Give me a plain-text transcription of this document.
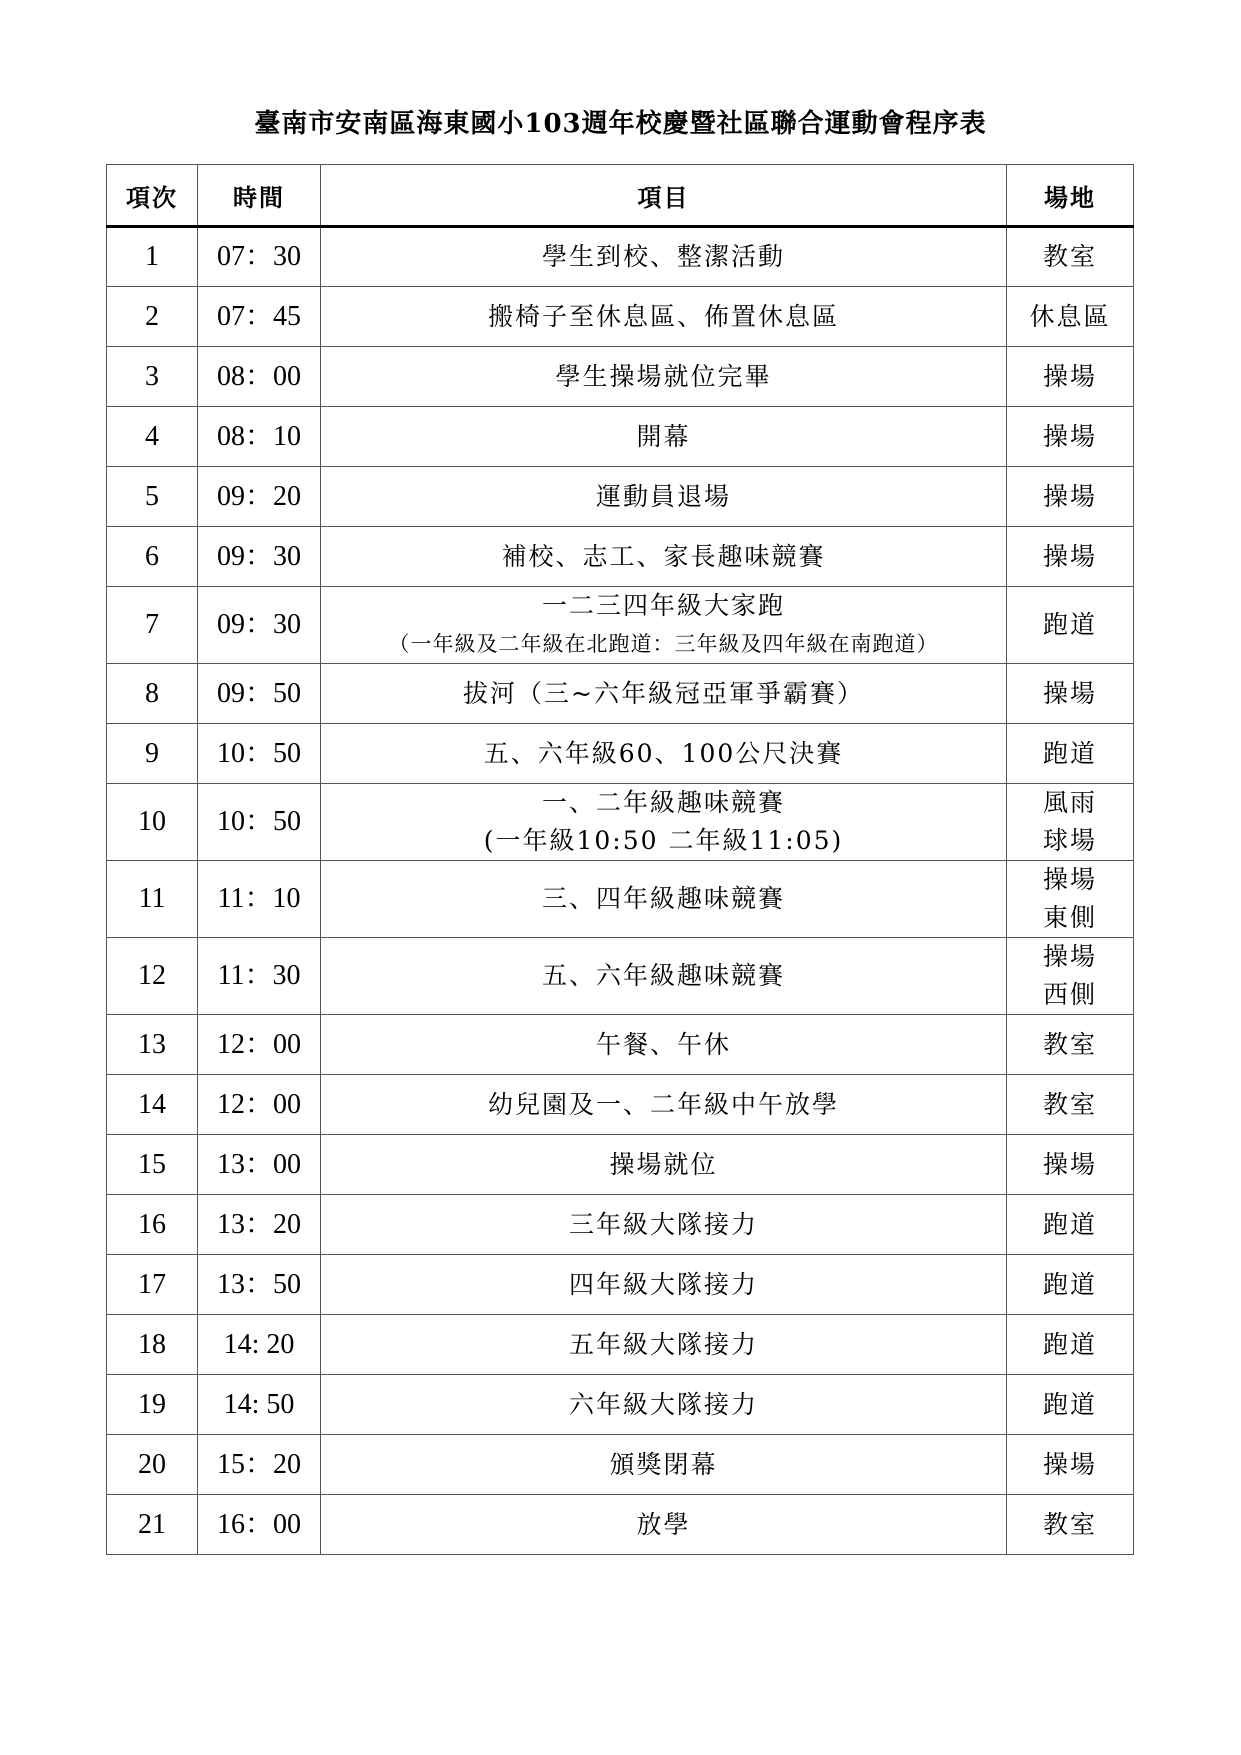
臺南市安南區海東國小103週年校慶暨社區聯合運動會程序表
項次	時間	項目	場地
1	07：30	學生到校、整潔活動	教室

2	07：45	搬椅子至休息區、佈置休息區	休息區

3	08：00	學生操場就位完畢	操場

4	08：10	開幕	操場

5	09：20	運動員退場	操場

6	09：30	補校、志工、家長趣味競賽	操場

7	09：30	一二三四年級大家跑
（一年級及二年級在北跑道：三年級及四年級在南跑道）	跑道

8	09：50	拔河（三~六年級冠亞軍爭霸賽）	操場

9	10：50	五、六年級60、100公尺決賽	跑道

10	10：50	一、二年級趣味競賽
(一年級10:50 二年級11:05)	風雨
球場

11	11：10	三、四年級趣味競賽	操場
東側

12	11：30	五、六年級趣味競賽	操場
西側

13	12：00	午餐、午休	教室

14	12：00	幼兒園及一、二年級中午放學	教室

15	13：00	操場就位	操場

16	13：20	三年級大隊接力	跑道

17	13：50	四年級大隊接力	跑道

18	14: 20	五年級大隊接力	跑道

19	14: 50	六年級大隊接力	跑道

20	15：20	頒獎閉幕	操場

21	16：00	放學	教室
